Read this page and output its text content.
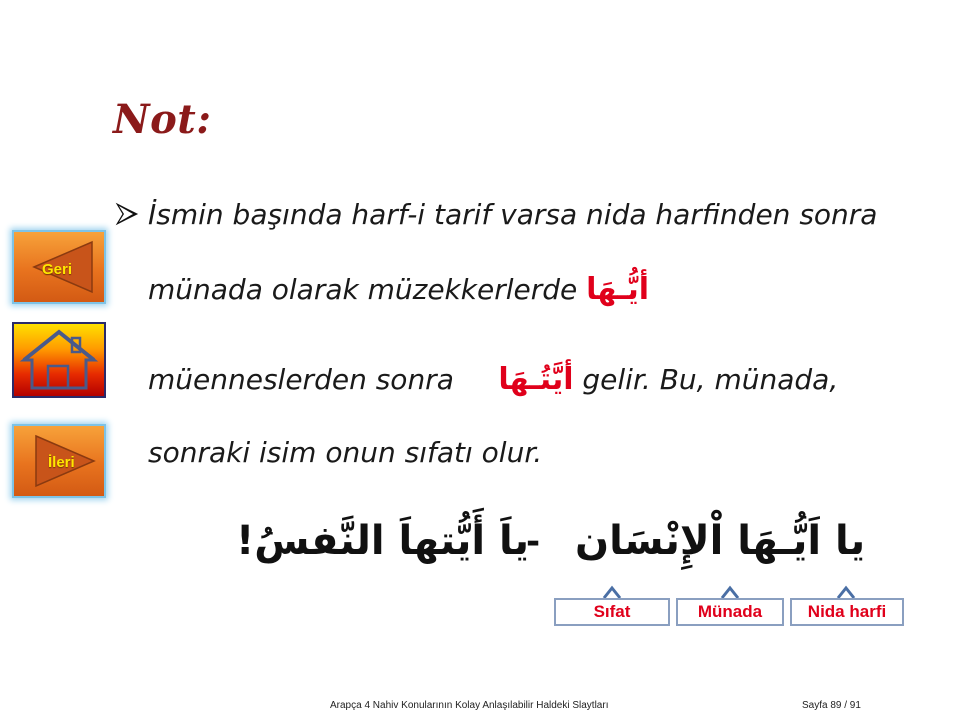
Not:
İsmin başında harf-i tarif varsa nida harfinden sonra
münada olarak müzekkerlerde أيُّـهَا
müenneslerden sonra أيَّتُـهَا gelir. Bu, münada,
sonraki isim onun sıfatı olur.
ياَ أَيُّتهاَ النَّفسُ!
- يا اَيُّـهَا اْلإِنْسَان
Sıfat	Münada	Nida harfi
Geri
İleri
Arapça 4 Nahiv Konularının Kolay Anlaşılabilir Haldeki Slaytları	Sayfa 89 / 91
